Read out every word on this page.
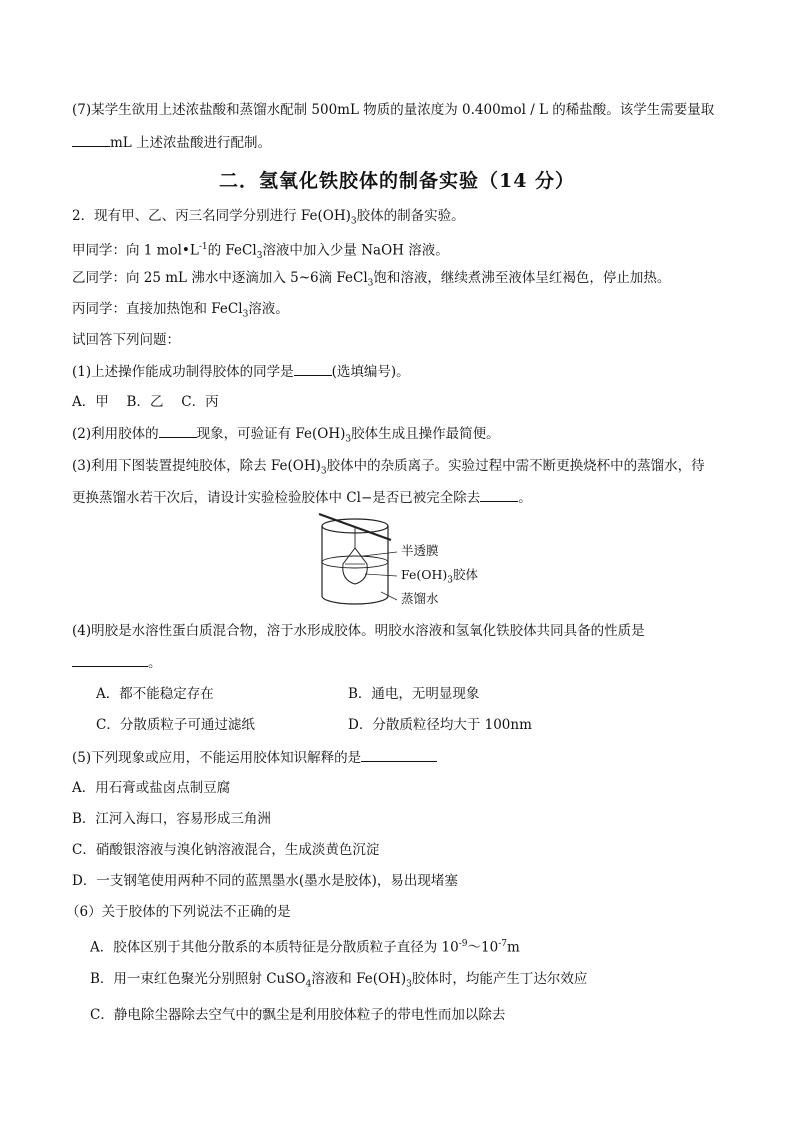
(7)某学生欲用上述浓盐酸和蒸馏水配制 500mL 物质的量浓度为 0.400mol / L 的稀盐酸。该学生需要量取
mL 上述浓盐酸进行配制。
二．氢氧化铁胶体的制备实验（14 分）
2．现有甲、乙、丙三名同学分别进行 $Fe(OH)_3$胶体的制备实验。
甲同学：向 1 $mol•L^{-1}$的 FeCl$_3$溶液中加入少量 NaOH 溶液。
乙同学：向 25 mL 沸水中逐滴加入 5~6滴 FeCl$_3$饱和溶液，继续煮沸至液体呈红褐色，停止加热。
丙同学：直接加热饱和 FeCl$_3$溶液。
试回答下列问题：
(1)上述操作能成功制得胶体的同学是	(选填编号)。
A．甲　 B．乙　 C．丙
(2)利用胶体的	现象，可验证有 $Fe(OH)_3$胶体生成且操作最简便。
(3)利用下图装置提纯胶体，除去 $Fe(OH)_3$胶体中的杂质离子。实验过程中需不断更换烧杯中的蒸馏水，待
更换蒸馏水若干次后，请设计实验检验胶体中 Cl−是否已被完全除去	。
半透膜
$Fe(OH)_3$胶体
蒸馏水
(4)明胶是水溶性蛋白质混合物，溶于水形成胶体。明胶水溶液和氢氧化铁胶体共同具备的性质是
。
A．都不能稳定存在	B．通电，无明显现象
C．分散质粒子可通过滤纸	D．分散质粒径均大于 100nm
(5)下列现象或应用，不能运用胶体知识解释的是
A．用石膏或盐卤点制豆腐
B．江河入海口，容易形成三角洲
C．硝酸银溶液与溴化钠溶液混合，生成淡黄色沉淀
D．一支钢笔使用两种不同的蓝黑墨水(墨水是胶体)，易出现堵塞
（6）关于胶体的下列说法不正确的是
A．胶体区别于其他分散系的本质特征是分散质粒子直径为 $10^{-9}\sim 10^{-7}m$
B．用一束红色聚光分别照射 CuSO$_4$溶液和 $Fe(OH)_3$胶体时，均能产生丁达尔效应
C．静电除尘器除去空气中的飘尘是利用胶体粒子的带电性而加以除去
